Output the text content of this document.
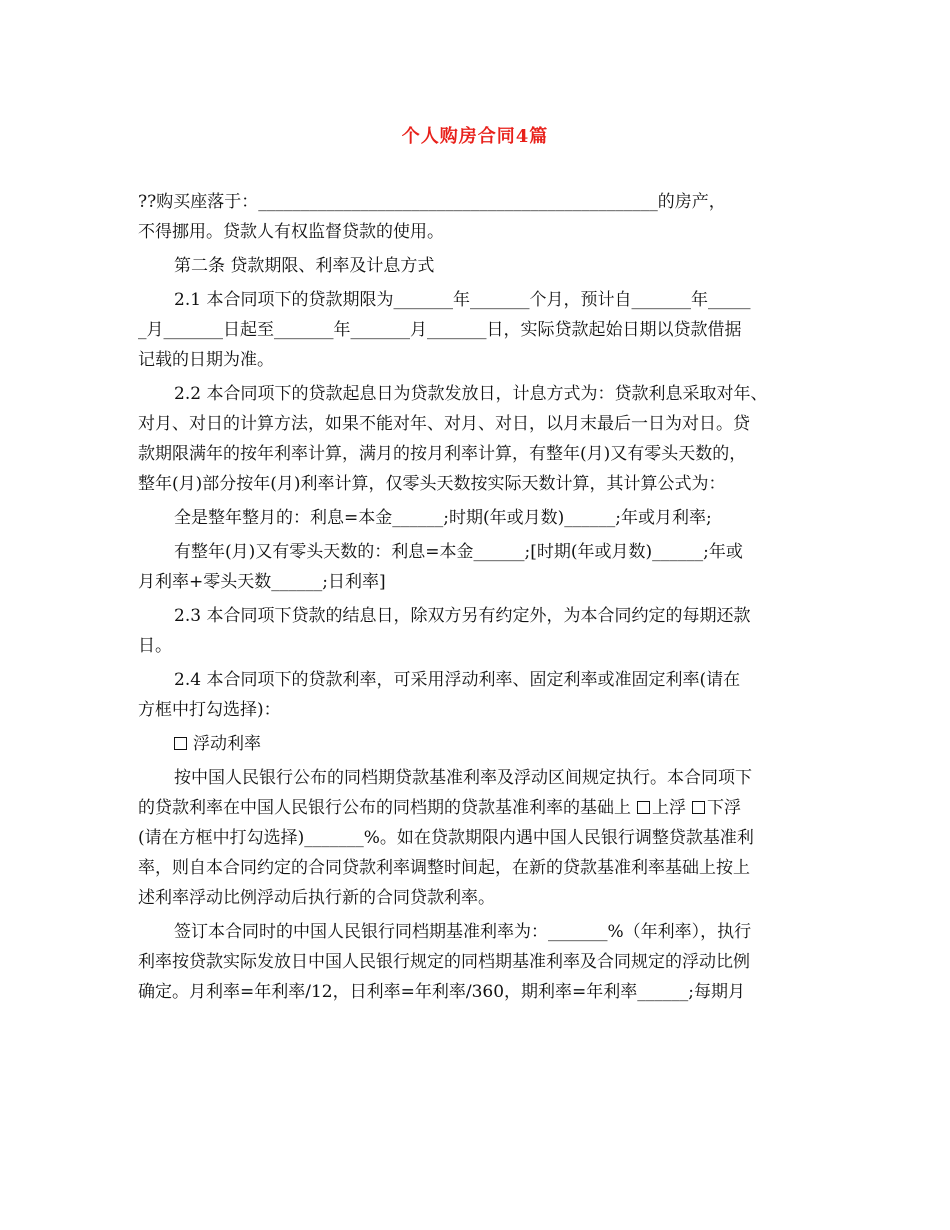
个人购房合同4篇
??购买座落于：_______________________________________________的房产，
不得挪用。贷款人有权监督贷款的使用。
第二条 贷款期限、利率及计息方式
2.1 本合同项下的贷款期限为_______年_______个月，预计自_______年_____
_月_______日起至_______年_______月_______日，实际贷款起始日期以贷款借据
记载的日期为准。
2.2 本合同项下的贷款起息日为贷款发放日，计息方式为：贷款利息采取对年、
对月、对日的计算方法，如果不能对年、对月、对日，以月末最后一日为对日。贷
款期限满年的按年利率计算，满月的按月利率计算，有整年(月)又有零头天数的，
整年(月)部分按年(月)利率计算，仅零头天数按实际天数计算，其计算公式为：
全是整年整月的：利息=本金______;时期(年或月数)______;年或月利率;
有整年(月)又有零头天数的：利息=本金______;[时期(年或月数)______;年或
月利率+零头天数______;日利率]
2.3 本合同项下贷款的结息日，除双方另有约定外，为本合同约定的每期还款
日。
2.4 本合同项下的贷款利率，可采用浮动利率、固定利率或准固定利率(请在
方框中打勾选择)：
浮动利率
按中国人民银行公布的同档期贷款基准利率及浮动区间规定执行。本合同项下
的贷款利率在中国人民银行公布的同档期的贷款基准利率的基础上 上浮 下浮
(请在方框中打勾选择)_______%。如在贷款期限内遇中国人民银行调整贷款基准利
率，则自本合同约定的合同贷款利率调整时间起，在新的贷款基准利率基础上按上
述利率浮动比例浮动后执行新的合同贷款利率。
签订本合同时的中国人民银行同档期基准利率为：_______%（年利率），执行
利率按贷款实际发放日中国人民银行规定的同档期基准利率及合同规定的浮动比例
确定。月利率=年利率/12，日利率=年利率/360，期利率=年利率______;每期月
